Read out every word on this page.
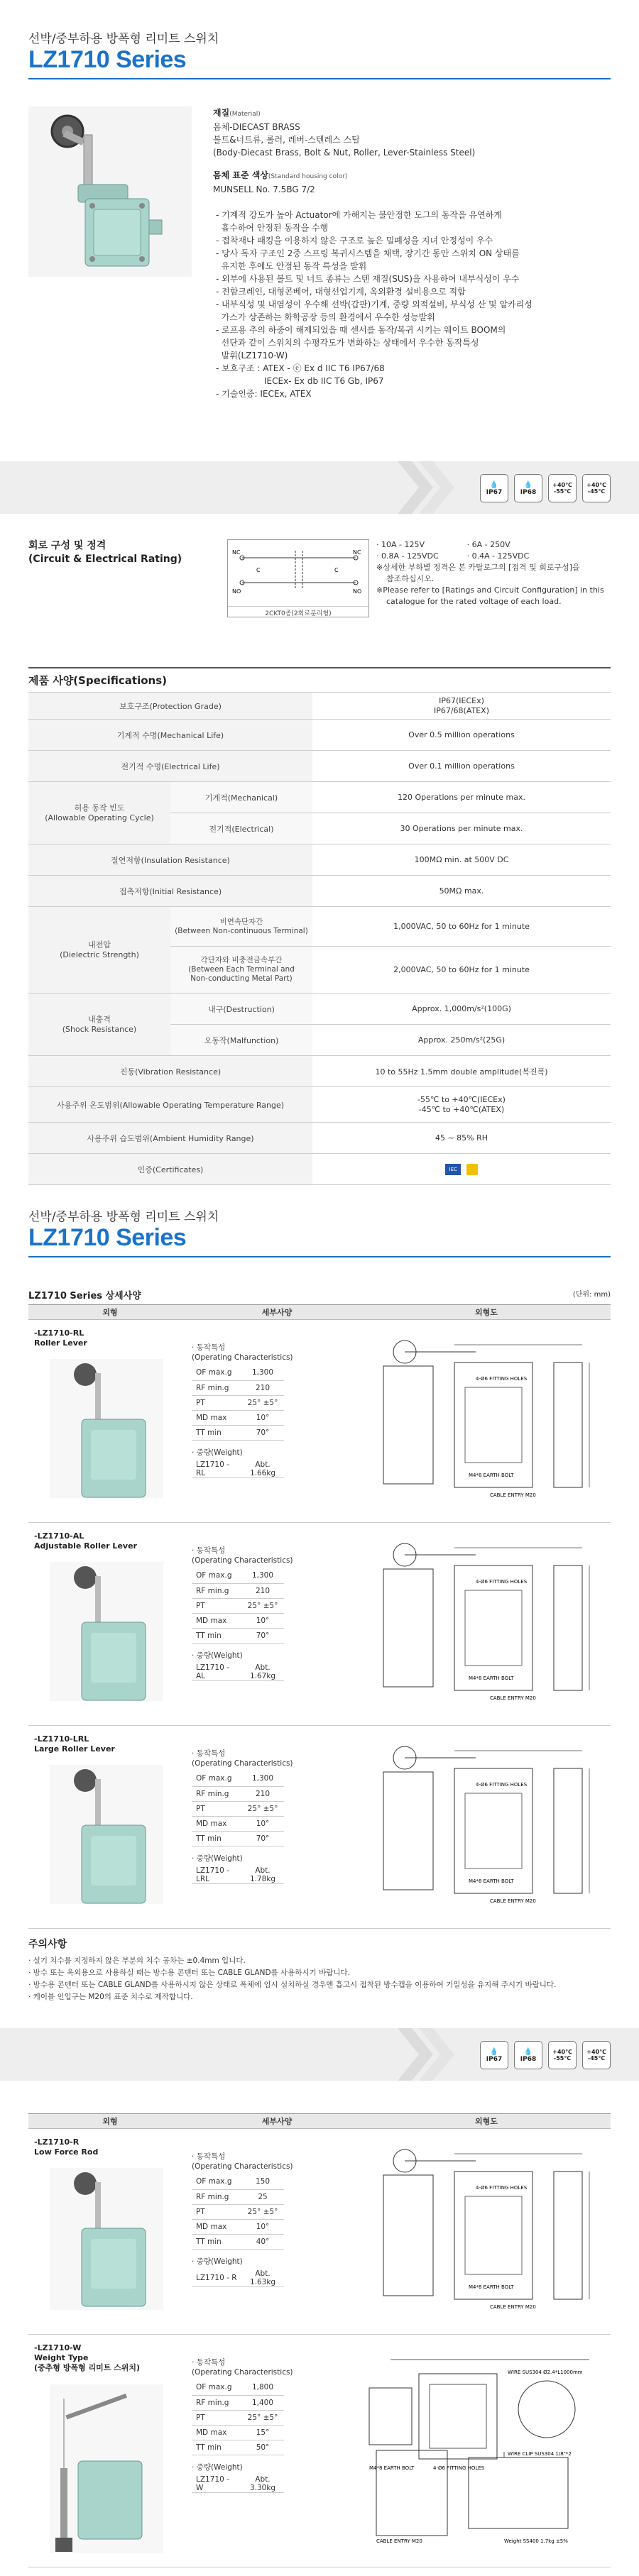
선박/중부하용 방폭형 리미트 스위치
LZ1710 Series
재질(Material)
몸체-DIECAST BRASS
볼트&너트류, 롤러, 레버-스텐레스 스틸
(Body-Diecast Brass, Bolt & Nut, Roller, Lever-Stainless Steel)
몸체 표준 색상(Standard housing color)
MUNSELL No. 7.5BG 7/2
- 기계적 강도가 높아 Actuator에 가해지는 불안정한 도그의 동작을 유연하게
흡수하여 안정된 동작을 수행
- 접착재나 패킹을 이용하지 않은 구조로 높은 밀폐성을 지녀 안정성이 우수
- 당사 독자 구조인 2중 스프링 복귀시스템을 채택, 장기간 동안 스위치 ON 상태를
유지한 후에도 안정된 동작 특성을 발휘
- 외부에 사용된 볼트 및 너트 종류는 스텐 재질(SUS)을 사용하여 내부식성이 우수
- 전함크레인, 대형콘베어, 대형선업기계, 옥외환경 설비용으로 적합
- 내부식성 및 내염성이 우수해 선박(갑판)기계, 중량 외적설비, 부식성 산 및 알카리성
가스가 상존하는 화학공장 등의 환경에서 우수한 성능발휘
- 로프용 추의 하중이 해제되었을 때 센서를 동작/복귀 시키는 웨이트 BOOM의
선단과 같이 스위치의 수평각도가 변화하는 상태에서 우수한 동작특성
발휘(LZ1710-W)
- 보호구조 : ATEX - ⓔ Ex d IIC T6 IP67/68
IECEx- Ex db IIC T6 Gb, IP67
- 기술인증: IECEx, ATEX
💧
IP67
💧
IP68
+40℃
-55℃
+40℃
-45℃
회로 구성 및 정격
(Circuit & Electrical Rating)
NC
NO
NC
NO
C	C
2CKT0종(2회로분리형)
· 10A - 125V
· 0.8A - 125VDC
· 6A - 250V
· 0.4A - 125VDC
※상세한 부하별 정격은 본 카탈로그의 [접격 및 회로구성]을
참조하십시오.
※Please refer to [Ratings and Circuit Configuration] in this
catalogue for the rated voltage of each load.
제품 사양(Specifications)
보호구조(Protection Grade)		IP67(IECEx)
IP67/68(ATEX)
기계적 수명(Mechanical Life)		Over 0.5 million operations
전기적 수명(Electrical Life)		Over 0.1 million operations
허용 동작 빈도
(Allowable Operating Cycle)	기계적(Mechanical)	120 Operations per minute max.
	전기적(Electrical)	30 Operations per minute max.
절연저항(Insulation Resistance)		100MΩ min. at 500V DC
접촉저항(Initial Resistance)		50MΩ max.
내전압
(Dielectric Strength)	비연속단자간
(Between Non-continuous Terminal)	1,000VAC, 50 to 60Hz for 1 minute
	각단자와 비충전금속부간
(Between Each Terminal and
Non-conducting Metal Part)	2,000VAC, 50 to 60Hz for 1 minute
내충격
(Shock Resistance)	내구(Destruction)	Approx. 1,000m/s²(100G)
	오동작(Malfunction)	Approx. 250m/s²(25G)
진동(Vibration Resistance)		10 to 55Hz 1.5mm double amplitude(복진폭)
사용주위 온도범위(Allowable Operating Temperature Range)		-55℃ to +40℃(IECEx)
-45℃ to +40℃(ATEX)
사용주위 습도범위(Ambient Humidity Range)		45 ~ 85% RH
인증(Certificates)		IEC
선박/중부하용 방폭형 리미트 스위치
LZ1710 Series
LZ1710 Series 상세사양	(단위: mm)
외형	세부사양	외형도
-LZ1710-RL
Roller Lever	· 동작특성
(Operating Characteristics)
OF max.g	1,300
RF min.g	210
PT	25° ±5°
MD max	10°
TT min	70°
· 중량(Weight)
LZ1710 - RL	Abt. 1.66kg
4-Ø6 FITTING HOLES
M4*8 EARTH BOLT
CABLE ENTRY M20
-LZ1710-AL
Adjustable Roller Lever	· 동작특성
(Operating Characteristics)
OF max.g	1,300
RF min.g	210
PT	25° ±5°
MD max	10°
TT min	70°
· 중량(Weight)
LZ1710 - AL	Abt. 1.67kg
4-Ø6 FITTING HOLES
M4*8 EARTH BOLT
CABLE ENTRY M20
-LZ1710-LRL
Large Roller Lever	· 동작특성
(Operating Characteristics)
OF max.g	1,300
RF min.g	210
PT	25° ±5°
MD max	10°
TT min	70°
· 중량(Weight)
LZ1710 - LRL	Abt. 1.78kg
4-Ø6 FITTING HOLES
M4*8 EARTH BOLT
CABLE ENTRY M20
주의사항
· 설기 치수를 지정하지 않은 부분의 치수 공차는 ±0.4mm 입니다.
· 방수 또는 옥외용으로 사용하실 때는 방수용 콘덴터 또는 CABLE GLAND를 사용하시기 바랍니다.
· 방수용 콘덴터 또는 CABLE GLAND를 사용하시지 않은 상태로 폭체에 임시 설치하실 경우엔 흡고시 접착된 방수캡을 이용하여 기밀성을 유지해 주시기 바랍니다.
· 케이블 인입구는 M20의 표준 치수로 제작합니다.
💧
IP67
💧
IP68
+40℃
-55℃
+40℃
-45℃
외형	세부사양	외형도
-LZ1710-R
Low Force Rod	· 동작특성
(Operating Characteristics)
OF max.g	150
RF min.g	25
PT	25° ±5°
MD max	10°
TT min	40°
· 중량(Weight)
LZ1710 - R	Abt. 1.63kg
4-Ø6 FITTING HOLES
M4*8 EARTH BOLT
CABLE ENTRY M20
-LZ1710-W
Weight Type
(중추형 방폭형 리미트 스위치)
· 동작특성
(Operating Characteristics)
OF max.g	1,800
RF min.g	1,400
PT	25° ±5°
MD max	15°
TT min	50°
· 중량(Weight)
LZ1710 - W	Abt. 3.30kg
M4*8 EARTH BOLT	4-Ø6 FITTING HOLES
WIRE SUS304 Ø2.4*L1000mm
WIRE CLIP SUS304 1/8"*2
Weight SS400 1.7kg ±5%
CABLE ENTRY M20
